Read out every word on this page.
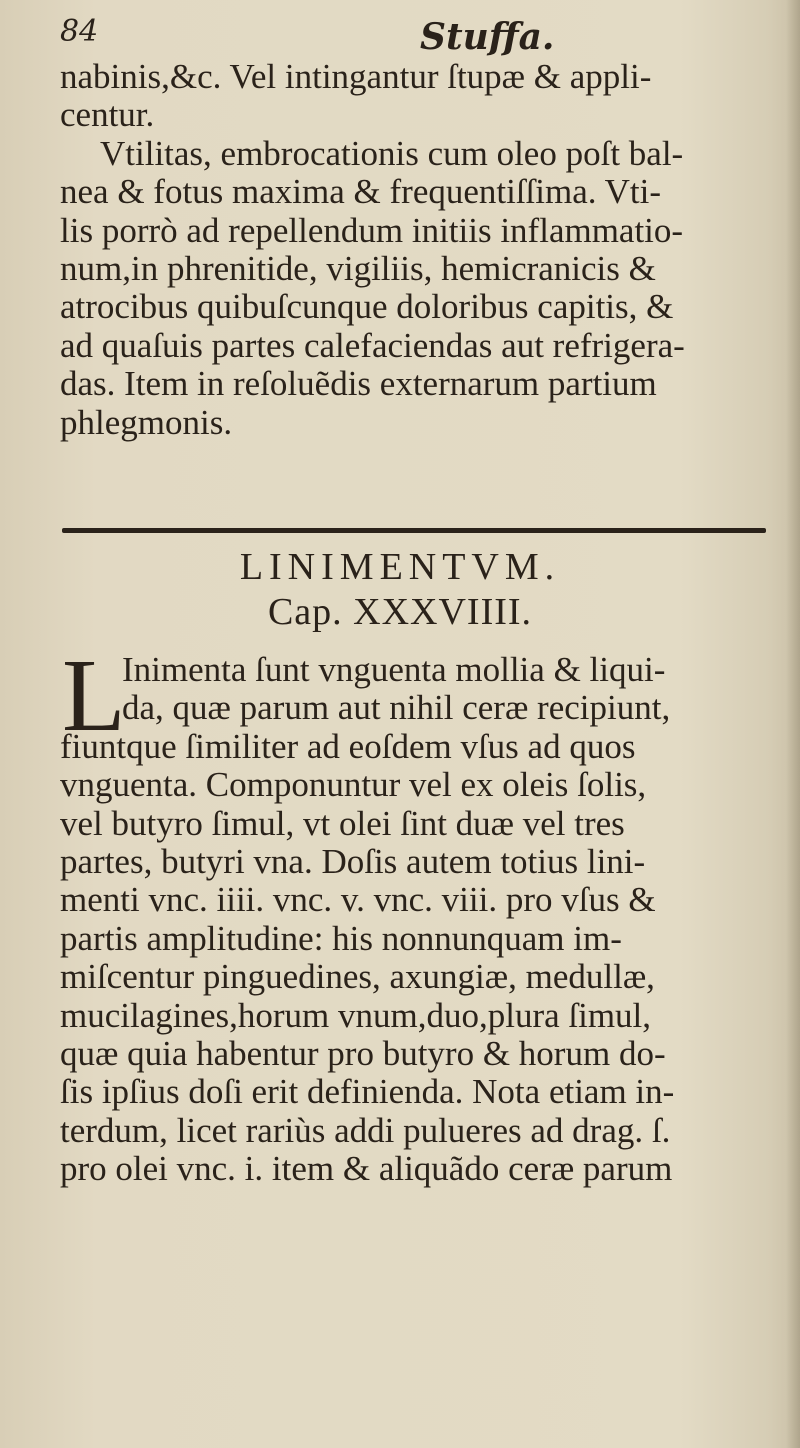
84	Stuffa.
nabinis,&c. Vel intingantur ſtupæ & appli-
centur.
Vtilitas, embrocationis cum oleo poſt bal-
nea & fotus maxima & frequentiſſima. Vti-
lis porrò ad repellendum initiis inflammatio-
num,in phrenitide, vigiliis, hemicranicis &
atrocibus quibuſcunque doloribus capitis, &
ad quaſuis partes calefaciendas aut refrigera-
das. Item in reſoluẽdis externarum partium
phlegmonis.
LINIMENTVM.
Cap. XXXVIIII.
L
Inimenta ſunt vnguenta mollia & liqui-
da, quæ parum aut nihil ceræ recipiunt,
fiuntque ſimiliter ad eoſdem vſus ad quos
vnguenta. Componuntur vel ex oleis ſolis,
vel butyro ſimul, vt olei ſint duæ vel tres
partes, butyri vna. Doſis autem totius lini-
menti vnc. iiii. vnc. v. vnc. viii. pro vſus &
partis amplitudine: his nonnunquam im-
miſcentur pinguedines, axungiæ, medullæ,
mucilagines,horum vnum,duo,plura ſimul,
quæ quia habentur pro butyro & horum do-
ſis ipſius doſi erit definienda. Nota etiam in-
terdum, licet rariùs addi pulueres ad drag. ſ.
pro olei vnc. i. item & aliquãdo ceræ parum
